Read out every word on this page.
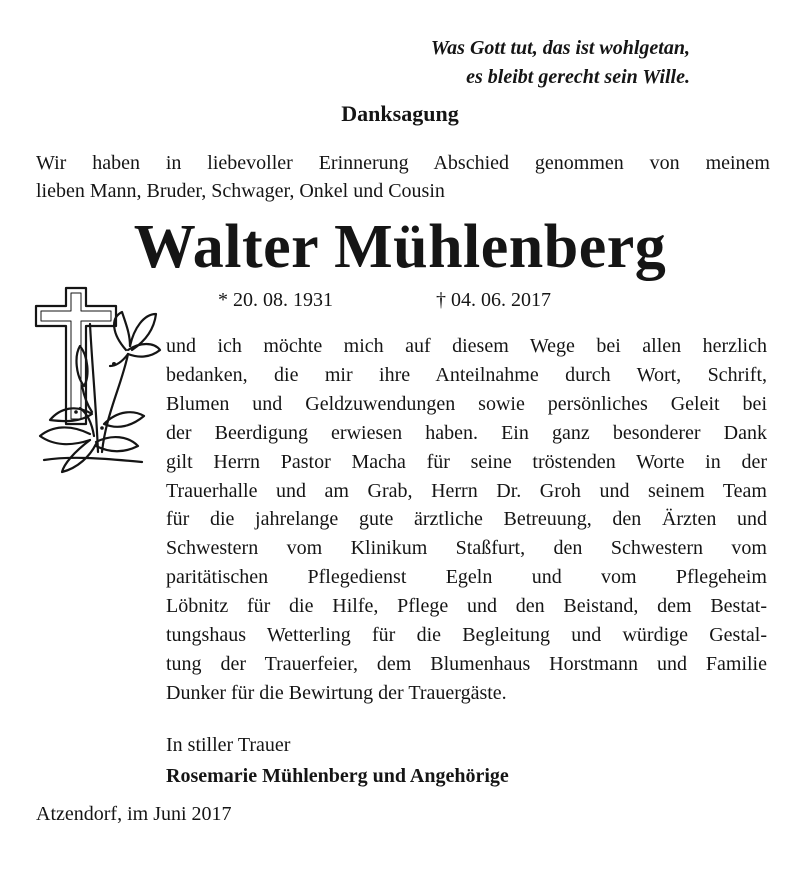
Was Gott tut, das ist wohlgetan,
es bleibt gerecht sein Wille.
Danksagung
Wir haben in liebevoller Erinnerung Abschied genommen von meinem
lieben Mann, Bruder, Schwager, Onkel und Cousin
Walter Mühlenberg
* 20. 08. 1931	† 04. 06. 2017
und ich möchte mich auf diesem Wege bei allen herzlich
bedanken, die mir ihre Anteilnahme durch Wort, Schrift,
Blumen und Geldzuwendungen sowie persönliches Geleit bei
der Beerdigung erwiesen haben. Ein ganz besonderer Dank
gilt Herrn Pastor Macha für seine tröstenden Worte in der
Trauerhalle und am Grab, Herrn Dr. Groh und seinem Team
für die jahrelange gute ärztliche Betreuung, den Ärzten und
Schwestern vom Klinikum Staßfurt, den Schwestern vom
paritätischen Pflegedienst Egeln und vom Pflegeheim
Löbnitz für die Hilfe, Pflege und den Beistand, dem Bestat-
tungshaus Wetterling für die Begleitung und würdige Gestal-
tung der Trauerfeier, dem Blumenhaus Horstmann und Familie
Dunker für die Bewirtung der Trauergäste.
In stiller Trauer
Rosemarie Mühlenberg und Angehörige
Atzendorf, im Juni 2017
